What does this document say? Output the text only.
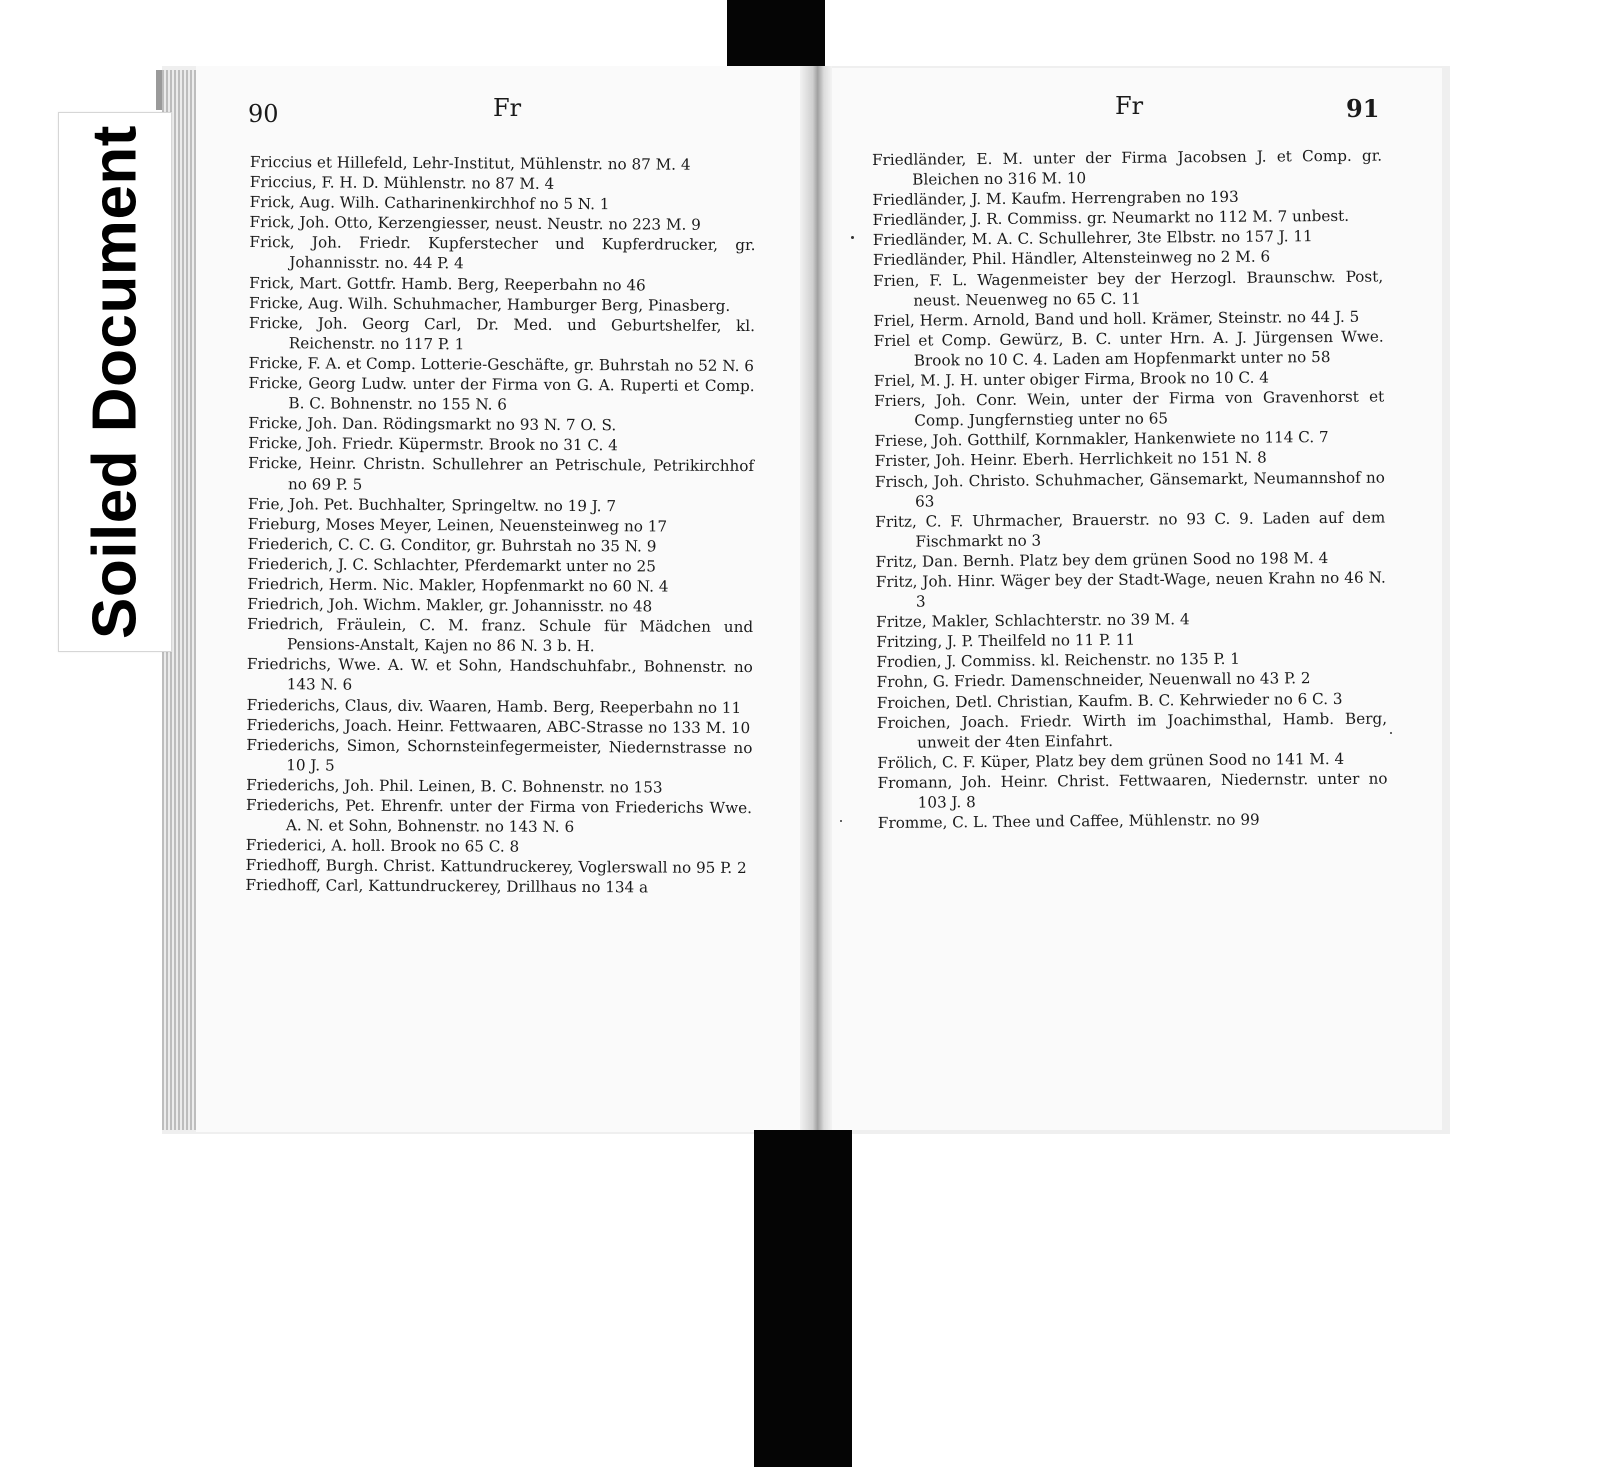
90	Fr	Fr	91
Friccius et Hillefeld, Lehr-Institut, Mühlenstr. no 87 M. 4
Friccius, F. H. D. Mühlenstr. no 87 M. 4
Frick, Aug. Wilh. Catharinenkirchhof no 5 N. 1
Frick, Joh. Otto, Kerzengiesser, neust. Neustr. no 223 M. 9
Frick, Joh. Friedr. Kupferstecher und Kupferdrucker, gr. Johannisstr. no. 44 P. 4
Frick, Mart. Gottfr. Hamb. Berg, Reeperbahn no 46
Fricke, Aug. Wilh. Schuhmacher, Hamburger Berg, Pinasberg.
Fricke, Joh. Georg Carl, Dr. Med. und Geburtshelfer, kl. Reichenstr. no 117 P. 1
Fricke, F. A. et Comp. Lotterie-Geschäfte, gr. Buhrstah no 52 N. 6
Fricke, Georg Ludw. unter der Firma von G. A. Ruperti et Comp. B. C. Bohnenstr. no 155 N. 6
Fricke, Joh. Dan. Rödingsmarkt no 93 N. 7 O. S.
Fricke, Joh. Friedr. Küpermstr. Brook no 31 C. 4
Fricke, Heinr. Christn. Schullehrer an Petrischule, Petrikirchhof no 69 P. 5
Frie, Joh. Pet. Buchhalter, Springeltw. no 19 J. 7
Frieburg, Moses Meyer, Leinen, Neuensteinweg no 17
Friederich, C. C. G. Conditor, gr. Buhrstah no 35 N. 9
Friederich, J. C. Schlachter, Pferdemarkt unter no 25
Friedrich, Herm. Nic. Makler, Hopfenmarkt no 60 N. 4
Friedrich, Joh. Wichm. Makler, gr. Johannisstr. no 48
Friedrich, Fräulein, C. M. franz. Schule für Mädchen und Pensions-Anstalt, Kajen no 86 N. 3 b. H.
Friedrichs, Wwe. A. W. et Sohn, Handschuhfabr., Bohnenstr. no 143 N. 6
Friederichs, Claus, div. Waaren, Hamb. Berg, Reeperbahn no 11
Friederichs, Joach. Heinr. Fettwaaren, ABC-Strasse no 133 M. 10
Friederichs, Simon, Schornsteinfegermeister, Niedernstrasse no 10 J. 5
Friederichs, Joh. Phil. Leinen, B. C. Bohnenstr. no 153
Friederichs, Pet. Ehrenfr. unter der Firma von Friederichs Wwe. A. N. et Sohn, Bohnenstr. no 143 N. 6
Friederici, A. holl. Brook no 65 C. 8
Friedhoff, Burgh. Christ. Kattundruckerey, Voglerswall no 95 P. 2
Friedhoff, Carl, Kattundruckerey, Drillhaus no 134 a
Friedländer, E. M. unter der Firma Jacobsen J. et Comp. gr. Bleichen no 316 M. 10
Friedländer, J. M. Kaufm. Herrengraben no 193
Friedländer, J. R. Commiss. gr. Neumarkt no 112 M. 7 unbest.
Friedländer, M. A. C. Schullehrer, 3te Elbstr. no 157 J. 11
Friedländer, Phil. Händler, Altensteinweg no 2 M. 6
Frien, F. L. Wagenmeister bey der Herzogl. Braunschw. Post, neust. Neuenweg no 65 C. 11
Friel, Herm. Arnold, Band und holl. Krämer, Steinstr. no 44 J. 5
Friel et Comp. Gewürz, B. C. unter Hrn. A. J. Jürgensen Wwe. Brook no 10 C. 4. Laden am Hopfenmarkt unter no 58
Friel, M. J. H. unter obiger Firma, Brook no 10 C. 4
Friers, Joh. Conr. Wein, unter der Firma von Gravenhorst et Comp. Jungfernstieg unter no 65
Friese, Joh. Gotthilf, Kornmakler, Hankenwiete no 114 C. 7
Frister, Joh. Heinr. Eberh. Herrlichkeit no 151 N. 8
Frisch, Joh. Christo. Schuhmacher, Gänsemarkt, Neumannshof no 63
Fritz, C. F. Uhrmacher, Brauerstr. no 93 C. 9. Laden auf dem Fischmarkt no 3
Fritz, Dan. Bernh. Platz bey dem grünen Sood no 198 M. 4
Fritz, Joh. Hinr. Wäger bey der Stadt-Wage, neuen Krahn no 46 N. 3
Fritze, Makler, Schlachterstr. no 39 M. 4
Fritzing, J. P. Theilfeld no 11 P. 11
Frodien, J. Commiss. kl. Reichenstr. no 135 P. 1
Frohn, G. Friedr. Damenschneider, Neuenwall no 43 P. 2
Froichen, Detl. Christian, Kaufm. B. C. Kehrwieder no 6 C. 3
Froichen, Joach. Friedr. Wirth im Joachimsthal, Hamb. Berg, unweit der 4ten Einfahrt.
Frölich, C. F. Küper, Platz bey dem grünen Sood no 141 M. 4
Fromann, Joh. Heinr. Christ. Fettwaaren, Niedernstr. unter no 103 J. 8
Fromme, C. L. Thee und Caffee, Mühlenstr. no 99
Soiled Document
